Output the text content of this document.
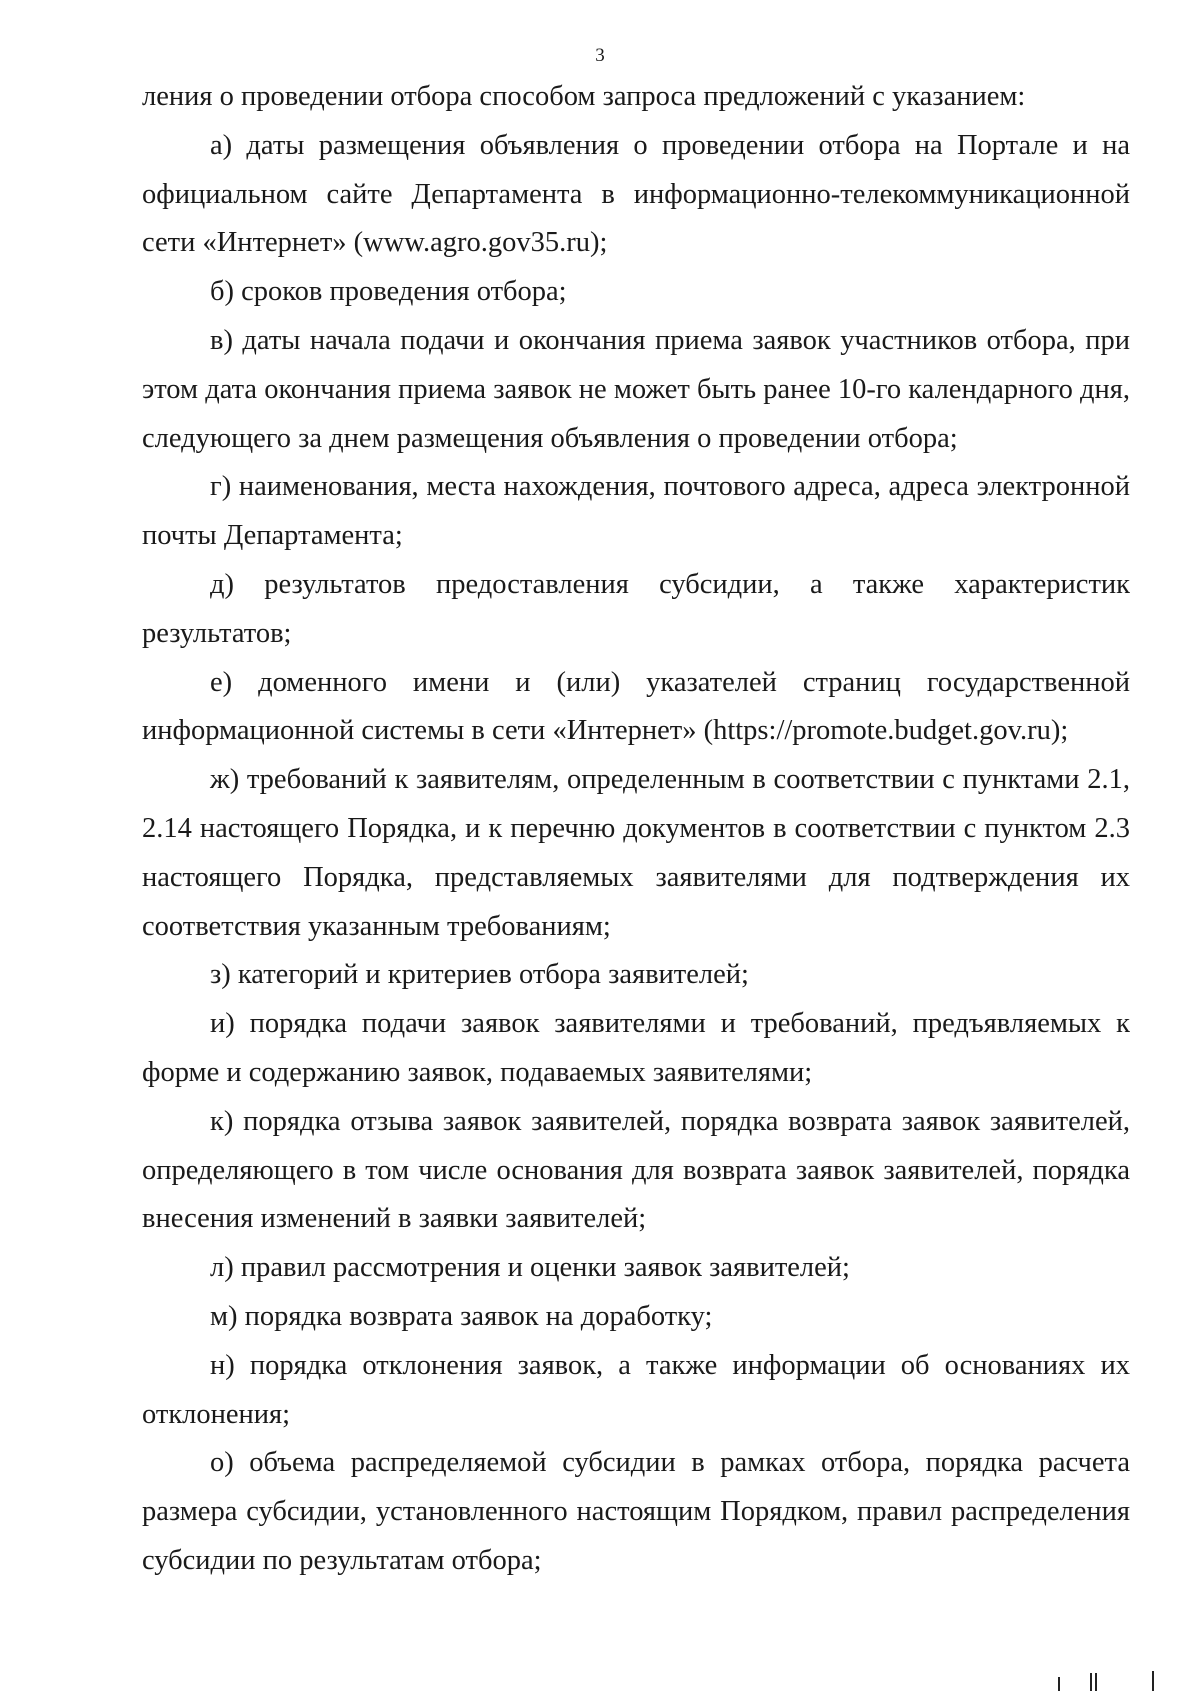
3

ления о проведении отбора способом запроса предложений с указанием:

а) даты размещения объявления о проведении отбора на Портале и на официальном сайте Департамента в информационно-телекоммуникационной сети «Интернет» (www.agro.gov35.ru);

б) сроков проведения отбора;

в) даты начала подачи и окончания приема заявок участников отбора, при этом дата окончания приема заявок не может быть ранее 10-го календарного дня, следующего за днем размещения объявления о проведении отбора;

г) наименования, места нахождения, почтового адреса, адреса электронной почты Департамента;

д) результатов предоставления субсидии, а также характеристик результатов;

е) доменного имени и (или) указателей страниц государственной информационной системы в сети «Интернет» (https://promote.budget.gov.ru);

ж) требований к заявителям, определенным в соответствии с пунктами 2.1, 2.14 настоящего Порядка, и к перечню документов в соответствии с пунктом 2.3 настоящего Порядка, представляемых заявителями для подтверждения их соответствия указанным требованиям;

з) категорий и критериев отбора заявителей;

и) порядка подачи заявок заявителями и требований, предъявляемых к форме и содержанию заявок, подаваемых заявителями;

к) порядка отзыва заявок заявителей, порядка возврата заявок заявителей, определяющего в том числе основания для возврата заявок заявителей, порядка внесения изменений в заявки заявителей;

л) правил рассмотрения и оценки заявок заявителей;

м) порядка возврата заявок на доработку;

н) порядка отклонения заявок, а также информации об основаниях их отклонения;

о) объема распределяемой субсидии в рамках отбора, порядка расчета размера субсидии, установленного настоящим Порядком, правил распределения субсидии по результатам отбора;
